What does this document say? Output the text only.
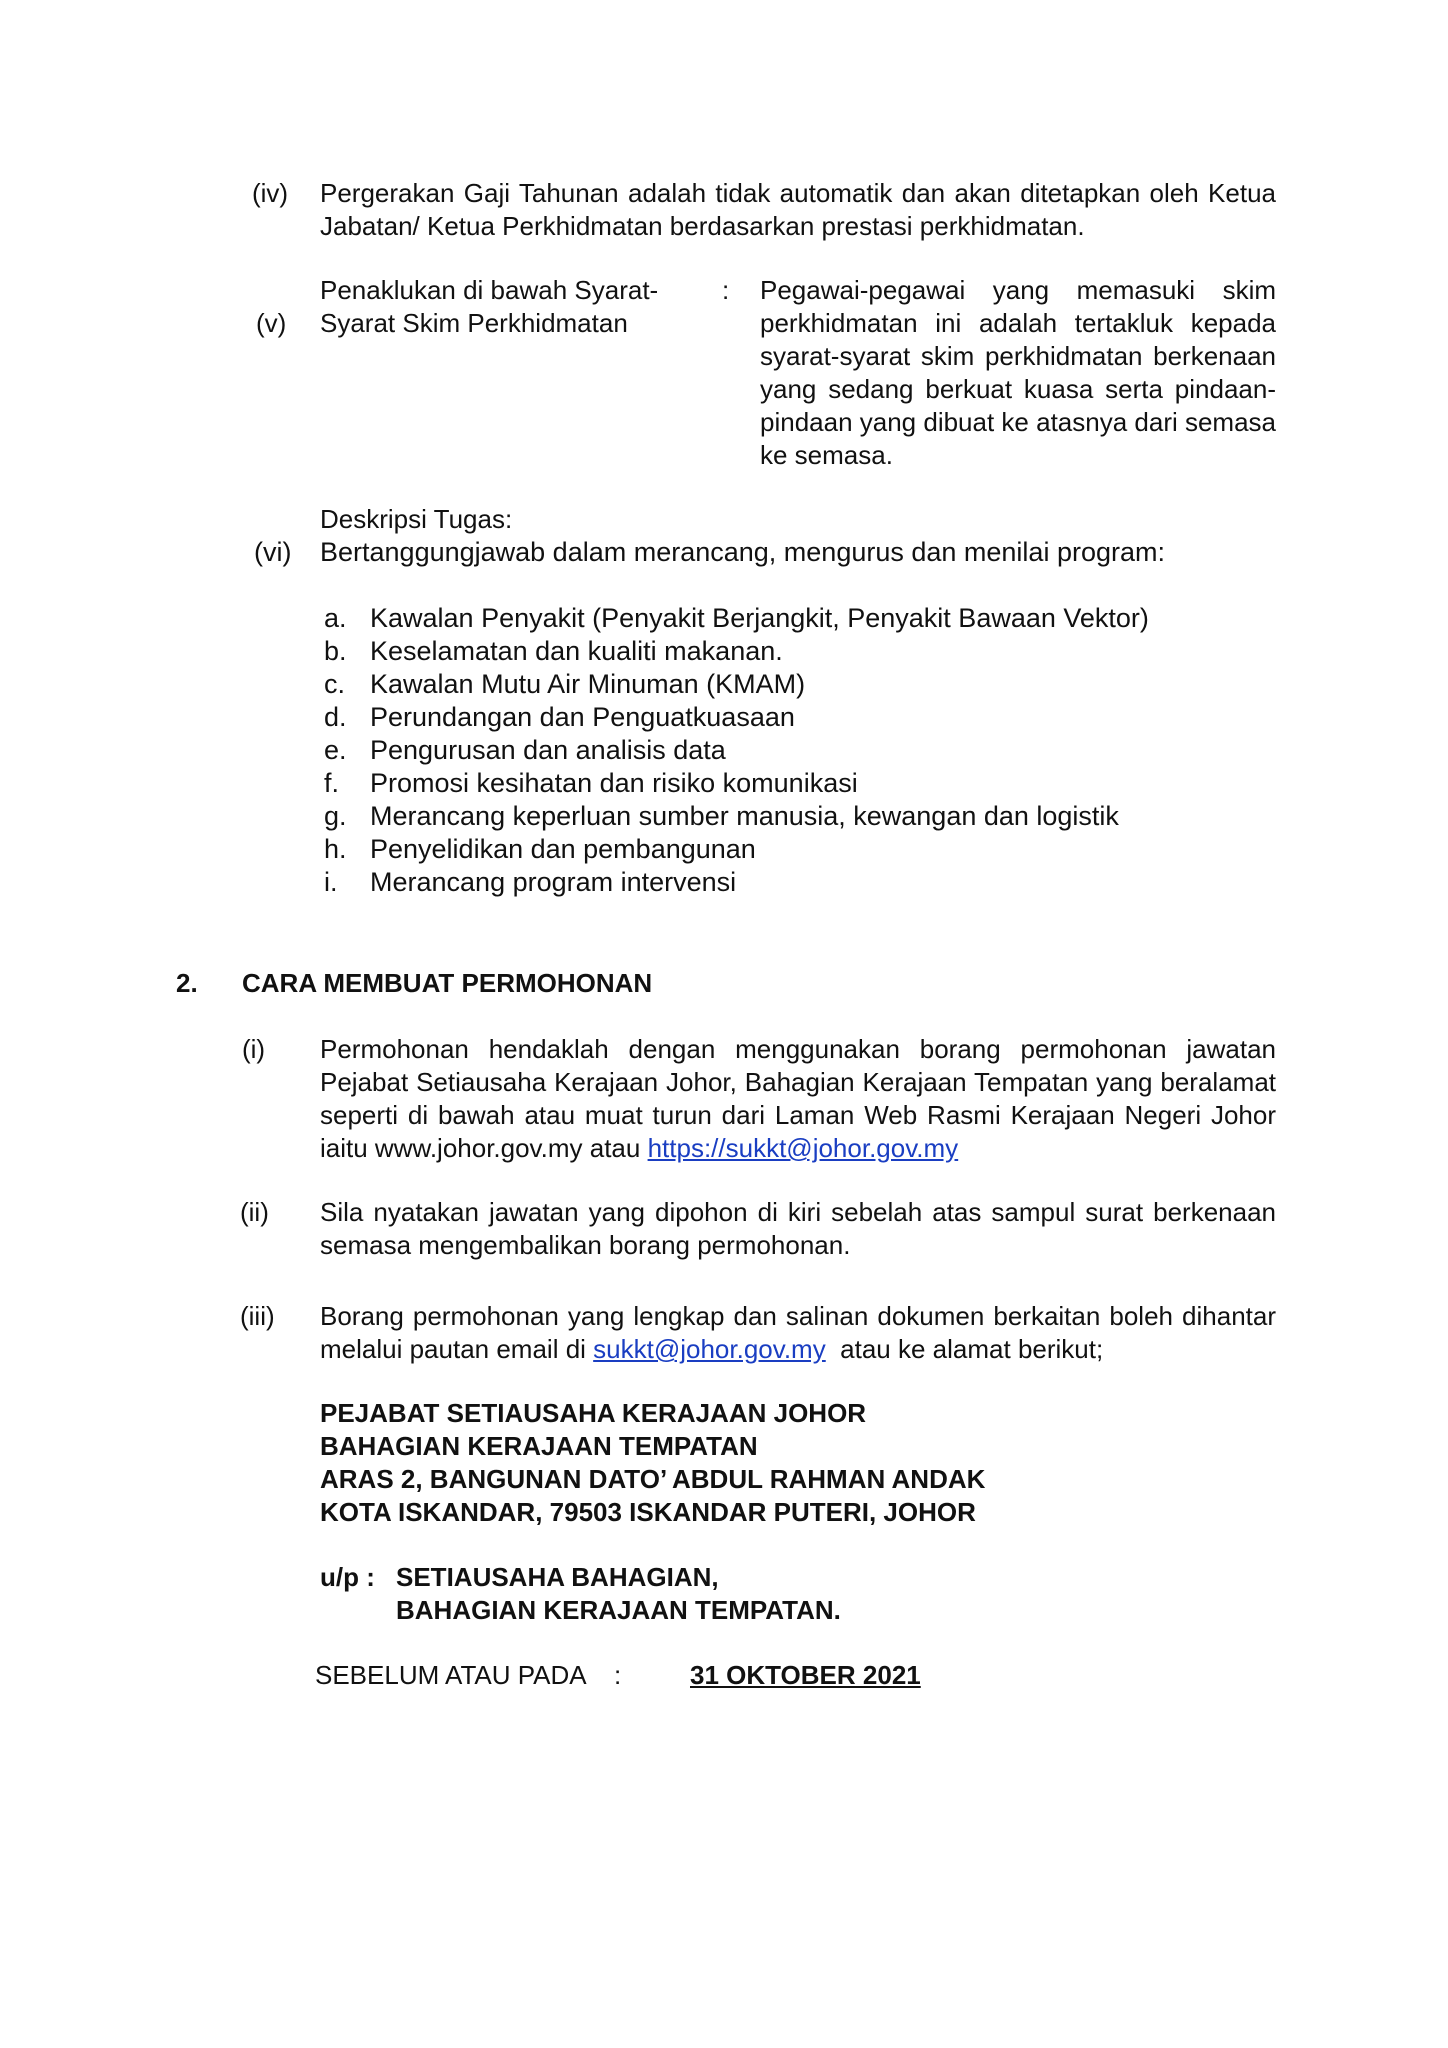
(iv) Pergerakan Gaji Tahunan adalah tidak automatik dan akan ditetapkan oleh Ketua Jabatan/ Ketua Perkhidmatan berdasarkan prestasi perkhidmatan.
Penaklukan di bawah Syarat-
(v) Syarat Skim Perkhidmatan
: Pegawai-pegawai yang memasuki skim perkhidmatan ini adalah tertakluk kepada syarat-syarat skim perkhidmatan berkenaan yang sedang berkuat kuasa serta pindaan-pindaan yang dibuat ke atasnya dari semasa ke semasa.
Deskripsi Tugas:
(vi) Bertanggungjawab dalam merancang, mengurus dan menilai program:
a. Kawalan Penyakit (Penyakit Berjangkit, Penyakit Bawaan Vektor)
b. Keselamatan dan kualiti makanan.
c. Kawalan Mutu Air Minuman (KMAM)
d. Perundangan dan Penguatkuasaan
e. Pengurusan dan analisis data
f. Promosi kesihatan dan risiko komunikasi
g. Merancang keperluan sumber manusia, kewangan dan logistik
h. Penyelidikan dan pembangunan
i. Merancang program intervensi
2. CARA MEMBUAT PERMOHONAN
(i) Permohonan hendaklah dengan menggunakan borang permohonan jawatan Pejabat Setiausaha Kerajaan Johor, Bahagian Kerajaan Tempatan yang beralamat seperti di bawah atau muat turun dari Laman Web Rasmi Kerajaan Negeri Johor iaitu www.johor.gov.my atau https://sukkt@johor.gov.my
(ii) Sila nyatakan jawatan yang dipohon di kiri sebelah atas sampul surat berkenaan semasa mengembalikan borang permohonan.
(iii) Borang permohonan yang lengkap dan salinan dokumen berkaitan boleh dihantar melalui pautan email di sukkt@johor.gov.my  atau ke alamat berikut;
PEJABAT SETIAUSAHA KERAJAAN JOHOR
BAHAGIAN KERAJAAN TEMPATAN
ARAS 2, BANGUNAN DATO’ ABDUL RAHMAN ANDAK
KOTA ISKANDAR, 79503 ISKANDAR PUTERI, JOHOR
u/p : SETIAUSAHA BAHAGIAN,
BAHAGIAN KERAJAAN TEMPATAN.
SEBELUM ATAU PADA :	31 OKTOBER 2021
